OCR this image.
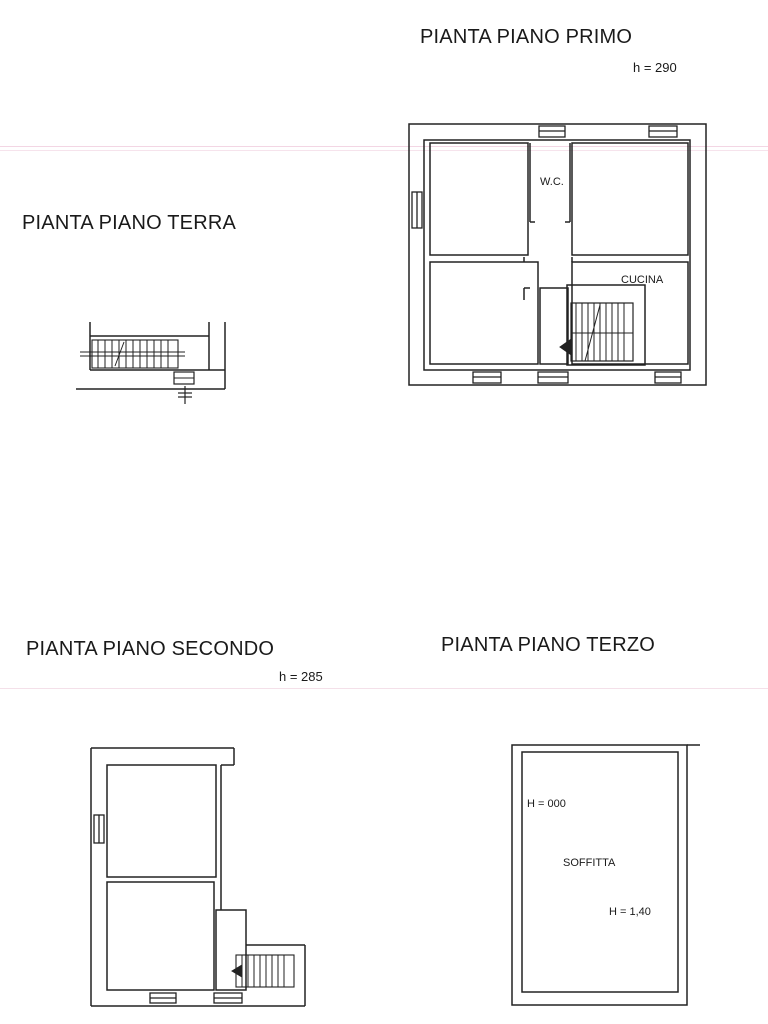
PIANTA PIANO PRIMO
h = 290
W.C.
CUCINA
PIANTA PIANO TERRA
PIANTA PIANO SECONDO
h = 285
PIANTA PIANO TERZO
H = 000
SOFFITTA
H = 1,40
